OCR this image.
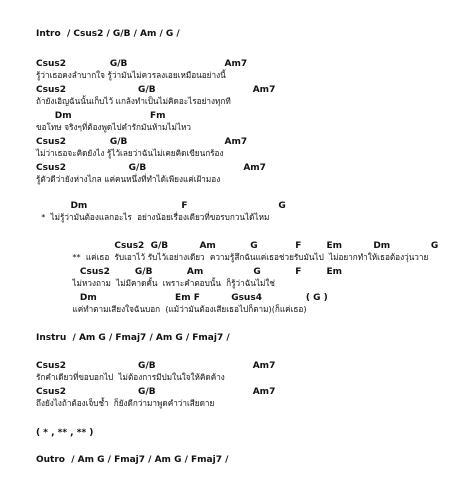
Intro  / Csus2 / G/B / Am / G /
Csus2              G/B                               Am7
รู้ว่าเธอคงลำบากใจ รู้ว่ามันไม่ควรลงเอยเหมือนอย่างนี้
Csus2                       G/B                               Am7
ถ้ายังเอิญฉันนั้นเก็บไว้ แกล้งทำเป็นไม่คิดอะไรอย่างทุกที
Dm                         Fm
ขอโทษ จริงๆที่ต้องพูดไปคำรักมันห้ามไม่ไหว
Csus2              G/B                               Am7
ไม่ว่าเธอจะคิดยังไง รู้ไว้เลยว่าฉันไม่เคยคิดเขียนกร้อง
Csus2                    G/B                               Am7
รู้ตัวดีว่ายังห่างไกล แค่คนหนึ่งที่ทำได้เพียงแค่เฝ้ามอง
Dm                              F                             G
*  ไม่รู้ว่ามันต้องแลกอะไร  อย่างน้อยเรื่องเดียวที่ขอรบกวนได้ไหม
Csus2  G/B          Am           G            F        Em          Dm             G
**  แค่เธอ  รับเอาไว้ รับไว้เอย่างเดียว  ความรู้สึกฉันแค่เธอช่วยรับมันไป  ไม่อยากทำให้เธอต้องวุ่นวาย
Csus2        G/B           Am                G           F        Em
ไม่หวงถาม  ไม่มีคาดคั้น  เพราะคำตอบนั้น  ก็รู้ว่าฉันไม่ใช่
Dm                         Em F          Gsus4              ( G )
แค่ทำตามเสียงใจฉันบอก  (แม้ว่ามันต้องเสียเธอไปก็ตาม)(ก็แค่เธอ)
Instru  / Am G / Fmaj7 / Am G / Fmaj7 /
Csus2                       G/B                               Am7
รักคำเดียวที่ขอบอกไป  ไม่ต้องการมีปมในใจให้คิดค้าง
Csus2                       G/B                               Am7
ถึงยังไงถ้าต้องเจ็บช้ำ  ก็ยังดีกว่ามาพูดคำว่าเสียดาย
( * , ** , ** )
Outro  / Am G / Fmaj7 / Am G / Fmaj7 /
